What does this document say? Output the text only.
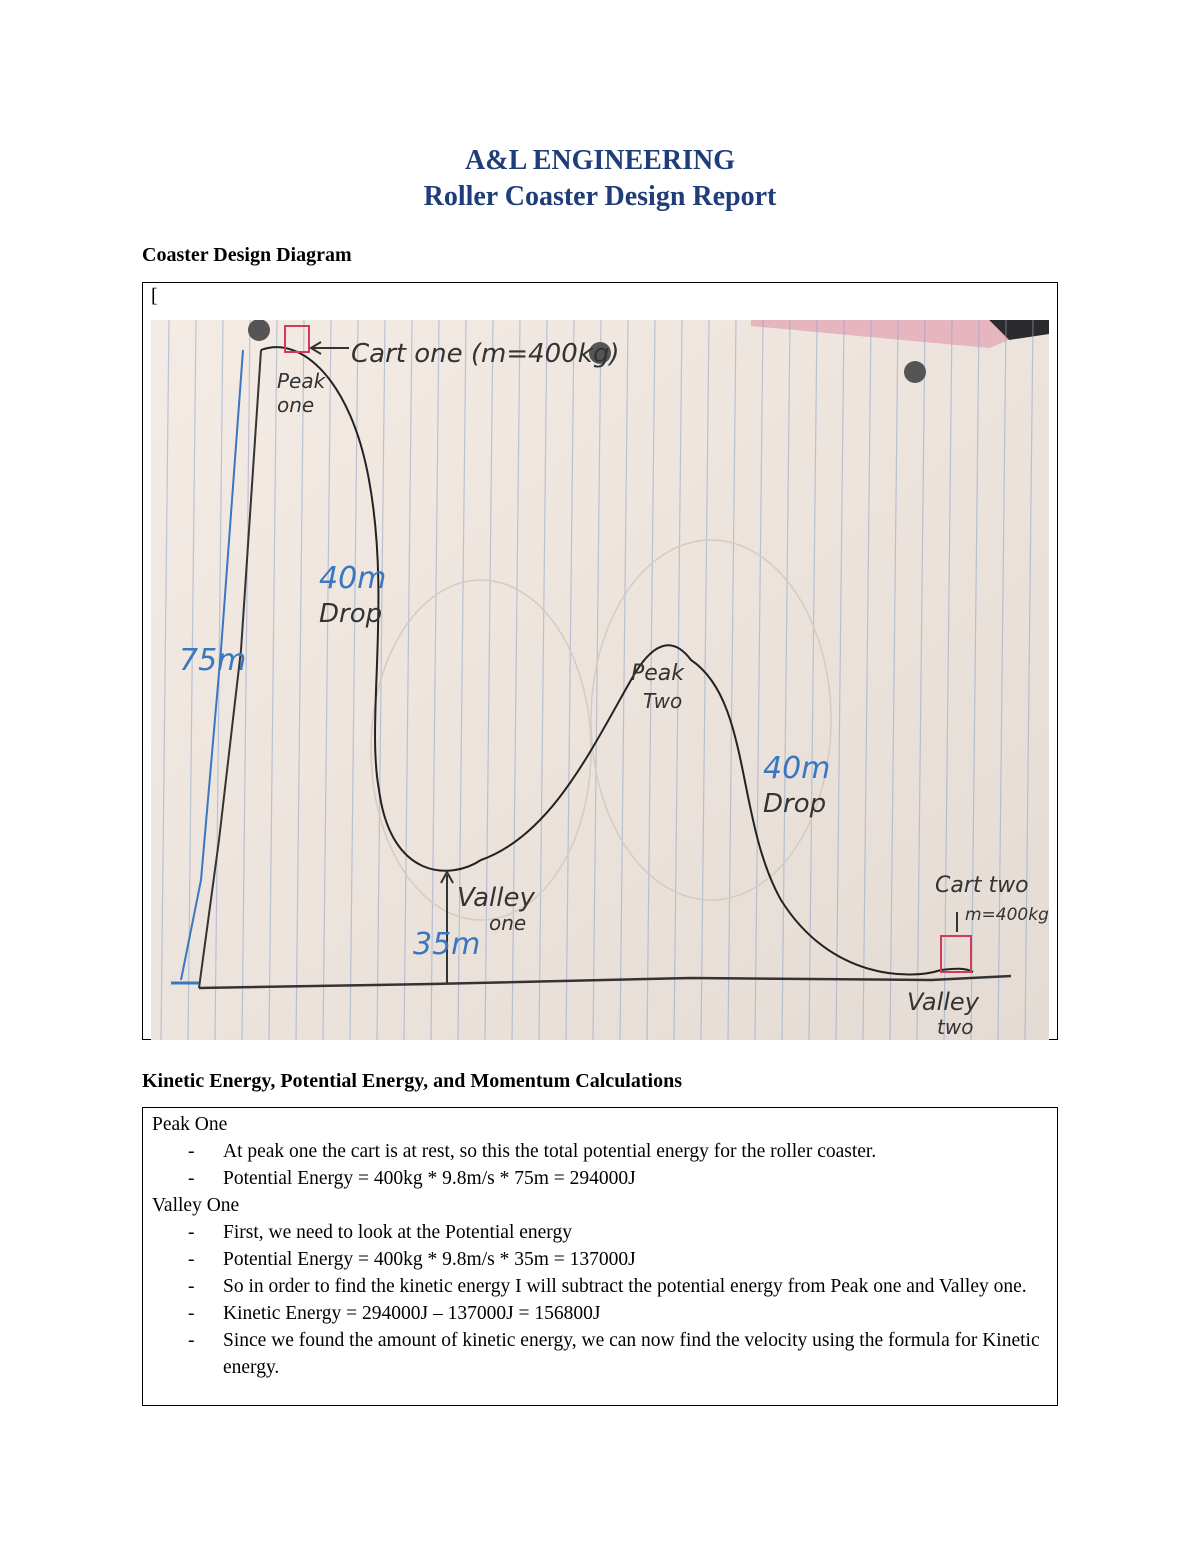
A&L ENGINEERING
Roller Coaster Design Report
Coaster Design Diagram
[
Cart one (m=400kg)
Peak
one
40m
Drop
75m	Peak
Two
40m
Drop
Valley
one
35m
Cart two
m=400kg
Valley
two
Kinetic Energy, Potential Energy, and Momentum Calculations

Peak One

- At peak one the cart is at rest, so this the total potential energy for the roller coaster.
- Potential Energy = 400kg * 9.8m/s * 75m = 294000J

Valley One

- First, we need to look at the Potential energy
- Potential Energy = 400kg * 9.8m/s * 35m = 137000J
- So in order to find the kinetic energy I will subtract the potential energy from Peak one and Valley one.
- Kinetic Energy = 294000J – 137000J = 156800J
- Since we found the amount of kinetic energy, we can now find the velocity using the formula for Kinetic energy.
